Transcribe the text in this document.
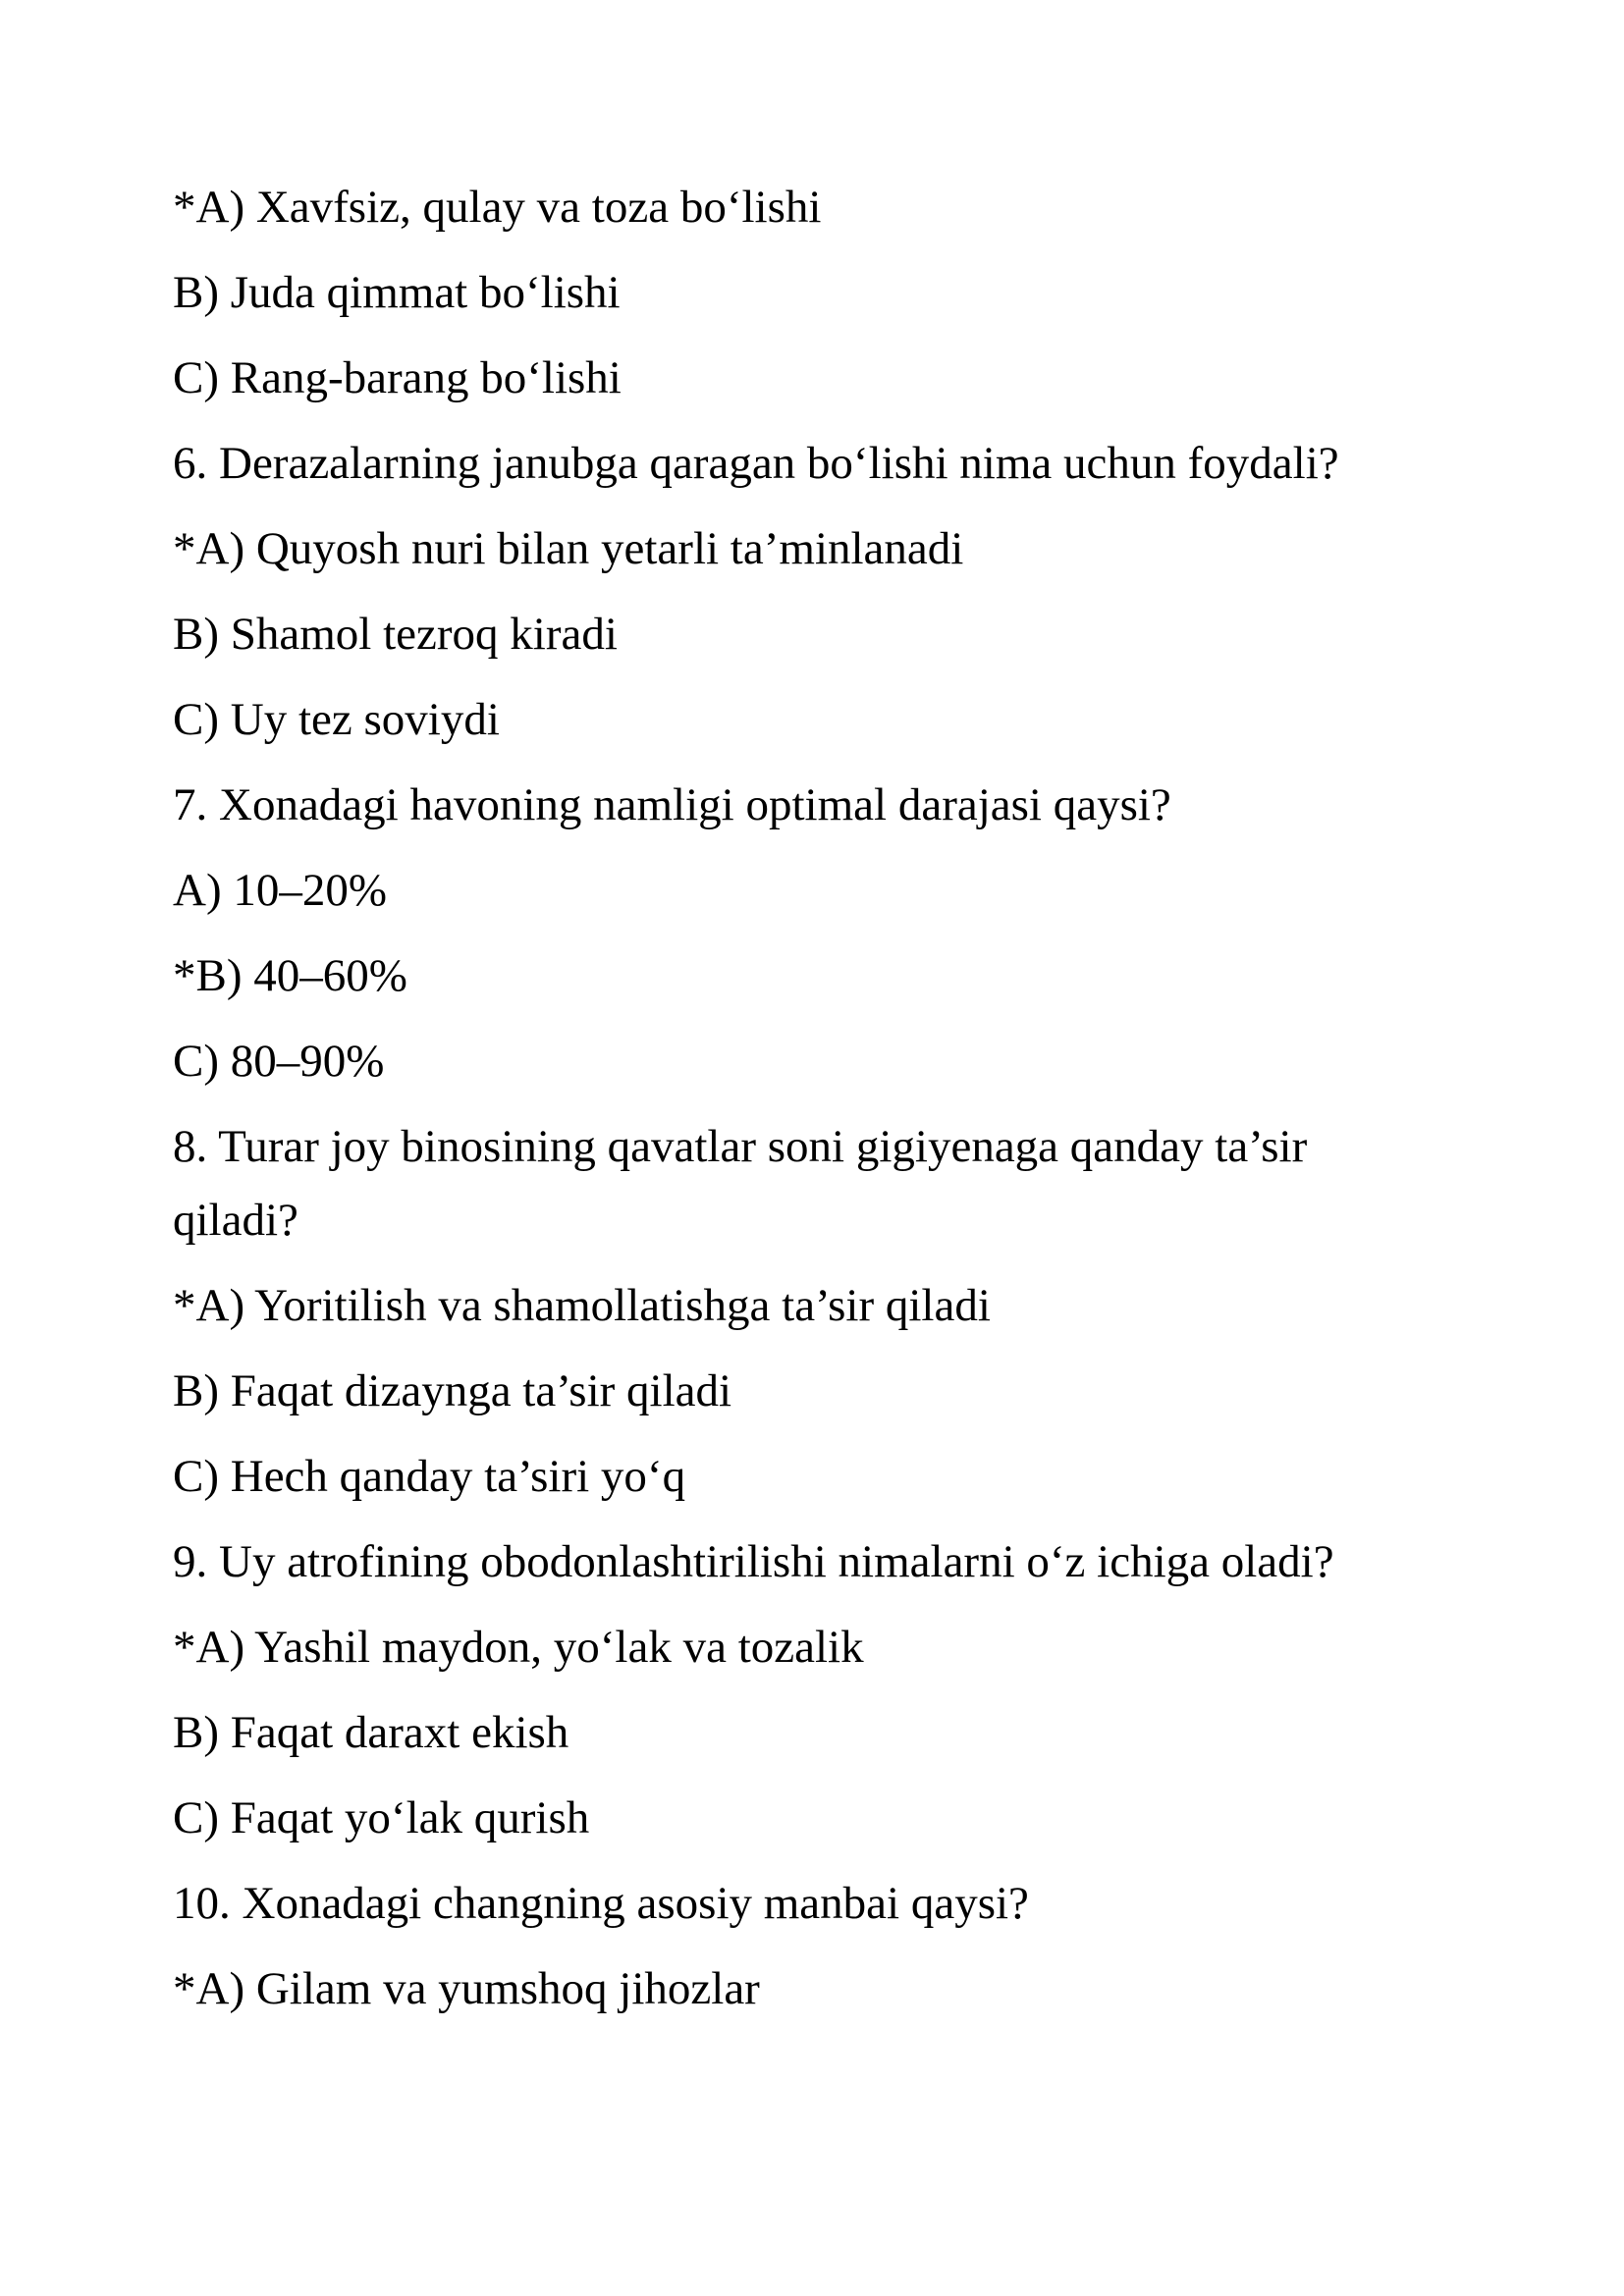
*A) Xavfsiz, qulay va toza bo‘lishi
B) Juda qimmat bo‘lishi
C) Rang-barang bo‘lishi
6. Derazalarning janubga qaragan bo‘lishi nima uchun foydali?
*A) Quyosh nuri bilan yetarli ta’minlanadi
B) Shamol tezroq kiradi
C) Uy tez soviydi
7. Xonadagi havoning namligi optimal darajasi qaysi?
A) 10–20%
*B) 40–60%
C) 80–90%
8. Turar joy binosining qavatlar soni gigiyenaga qanday ta’sir qiladi?
*A) Yoritilish va shamollatishga ta’sir qiladi
B) Faqat dizaynga ta’sir qiladi
C) Hech qanday ta’siri yo‘q
9. Uy atrofining obodonlashtirilishi nimalarni o‘z ichiga oladi?
*A) Yashil maydon, yo‘lak va tozalik
B) Faqat daraxt ekish
C) Faqat yo‘lak qurish
10. Xonadagi changning asosiy manbai qaysi?
*A) Gilam va yumshoq jihozlar
